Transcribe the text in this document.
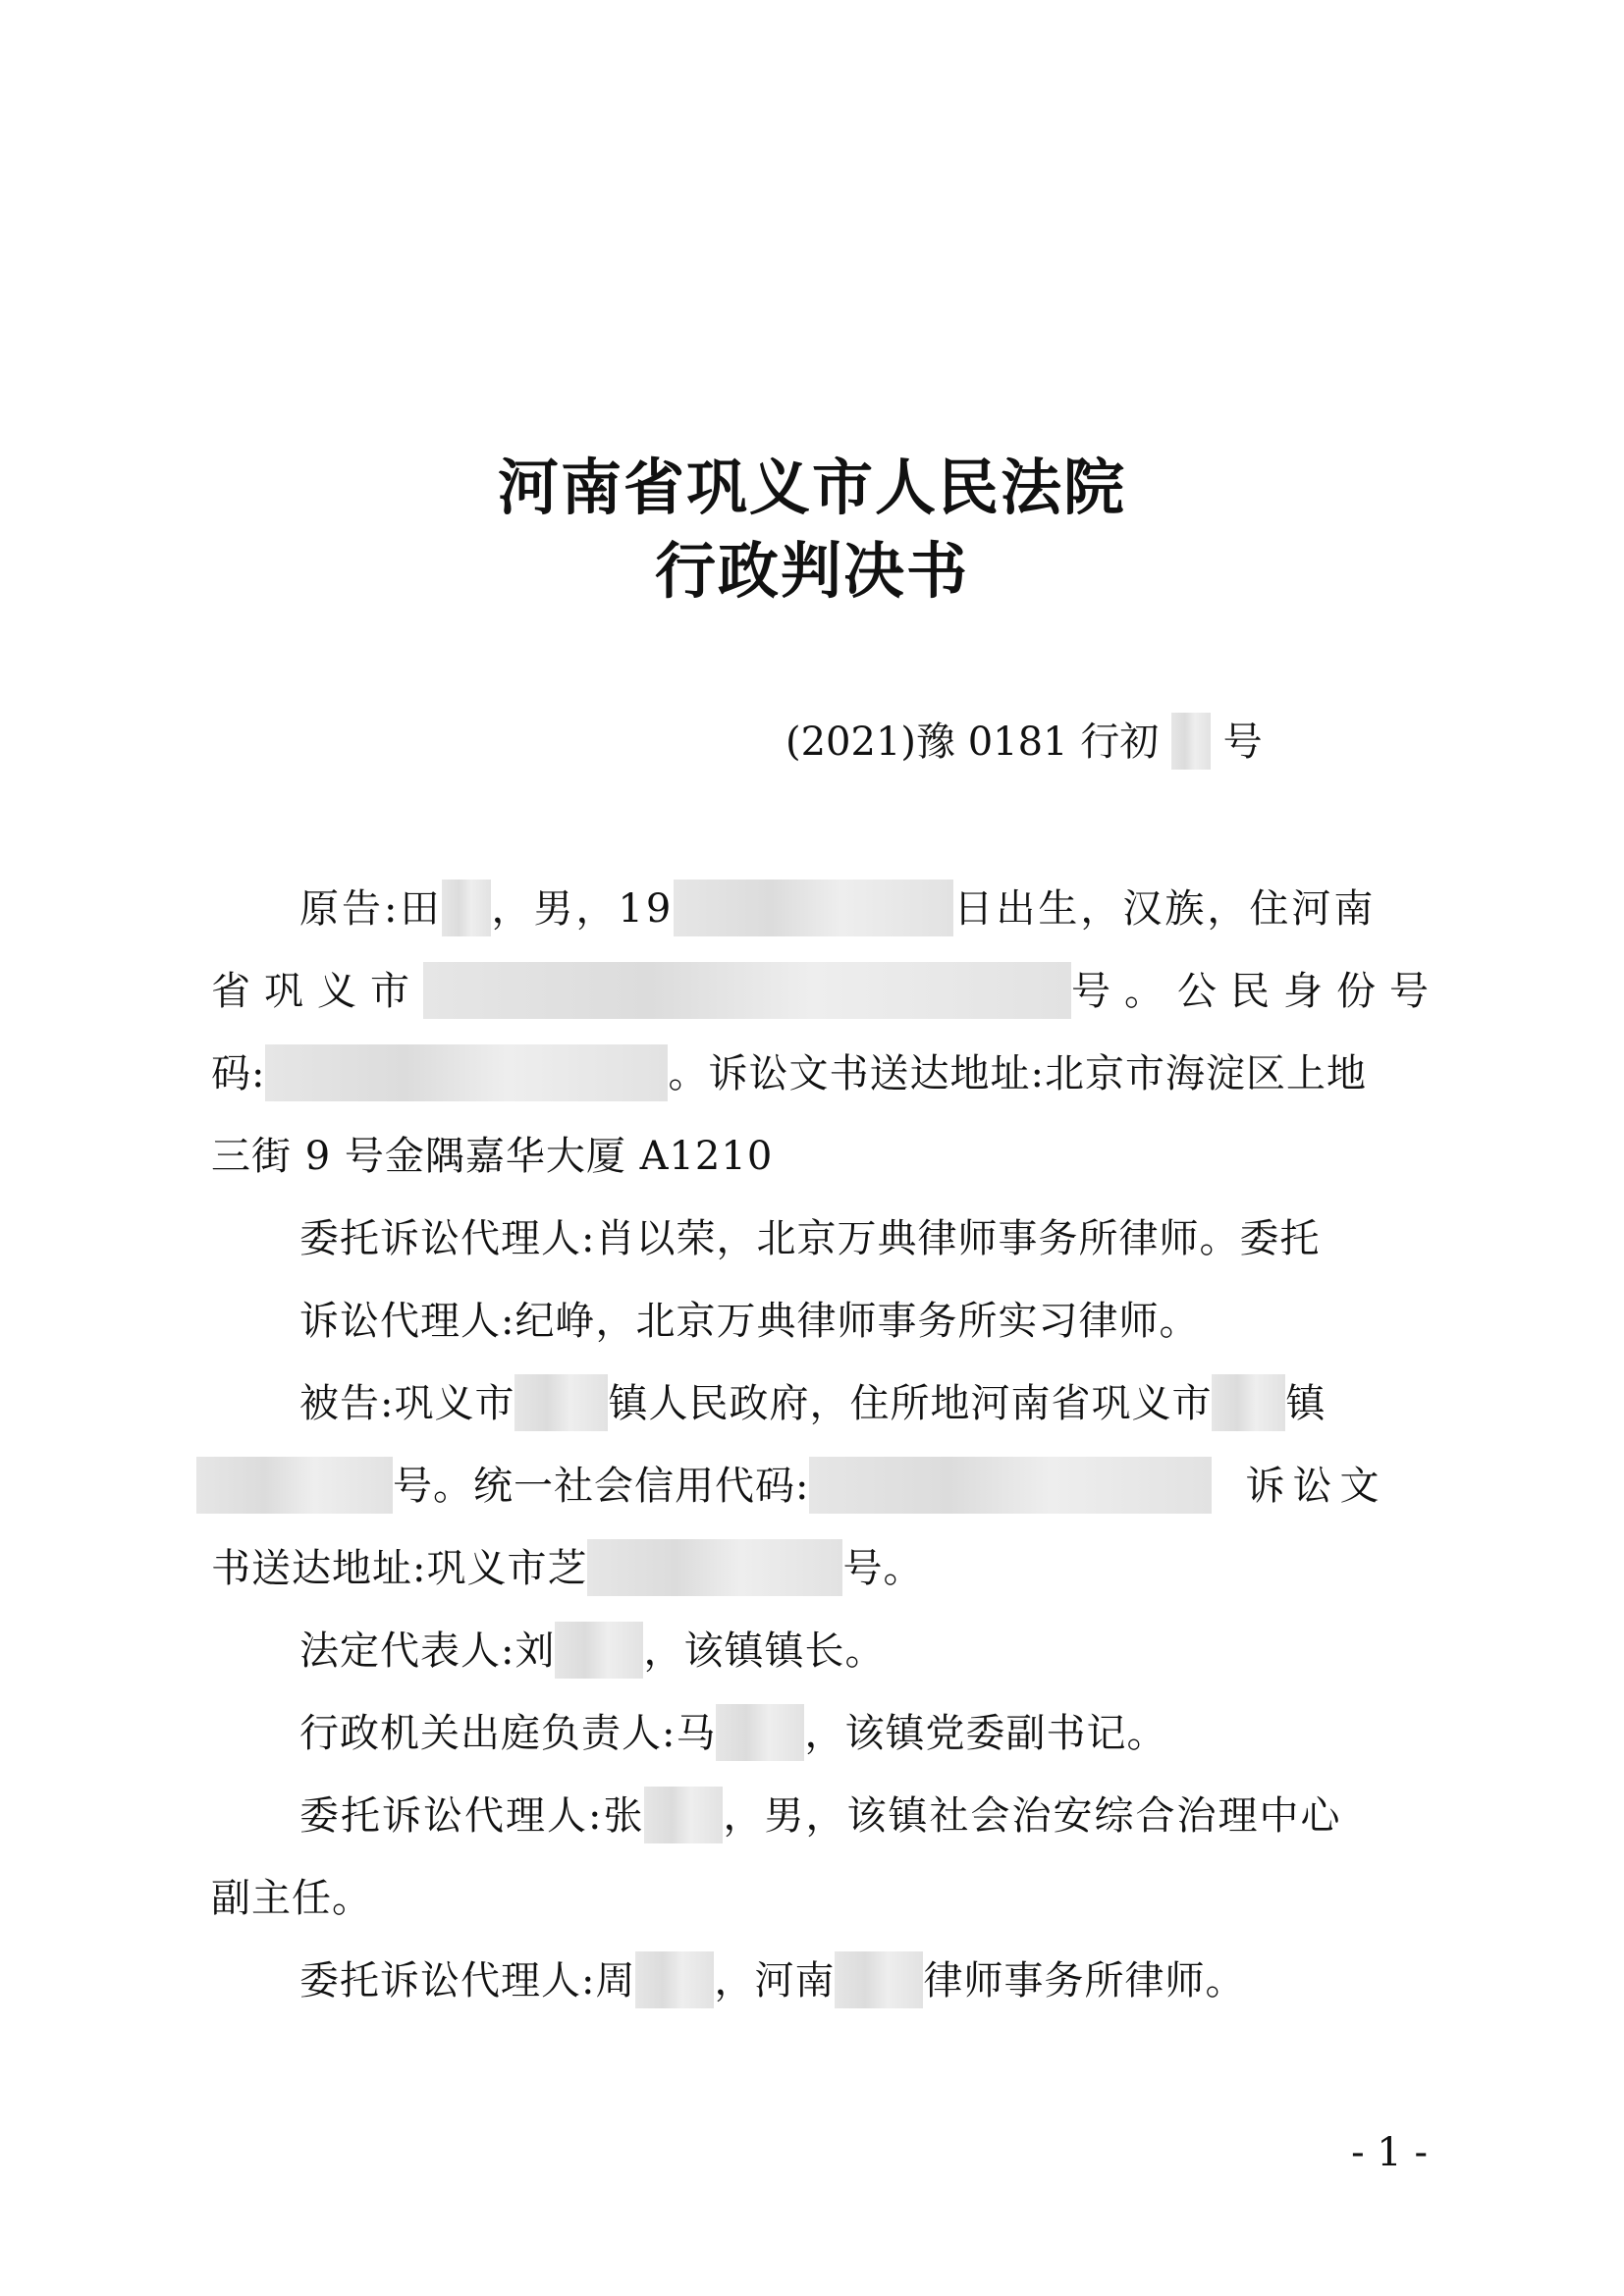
河南省巩义市人民法院
行政判决书
(2021)豫 0181 行初 号
原告:田 ，男，19	日出生，汉族，住河南
省巩义市	号。公民身份号
码:	。诉讼文书送达地址:北京市海淀区上地
三街 9 号金隅嘉华大厦 A1210
委托诉讼代理人:肖以荣，北京万典律师事务所律师。委托
诉讼代理人:纪峥，北京万典律师事务所实习律师。
被告:巩义市 镇人民政府，住所地河南省巩义市 镇
号。统一社会信用代码:	诉讼文
书送达地址:巩义市芝	号。
法定代表人:刘 ，该镇镇长。
行政机关出庭负责人:马 ，该镇党委副书记。
委托诉讼代理人:张 ，男，该镇社会治安综合治理中心
副主任。
委托诉讼代理人:周 ，河南 律师事务所律师。
- 1 -
